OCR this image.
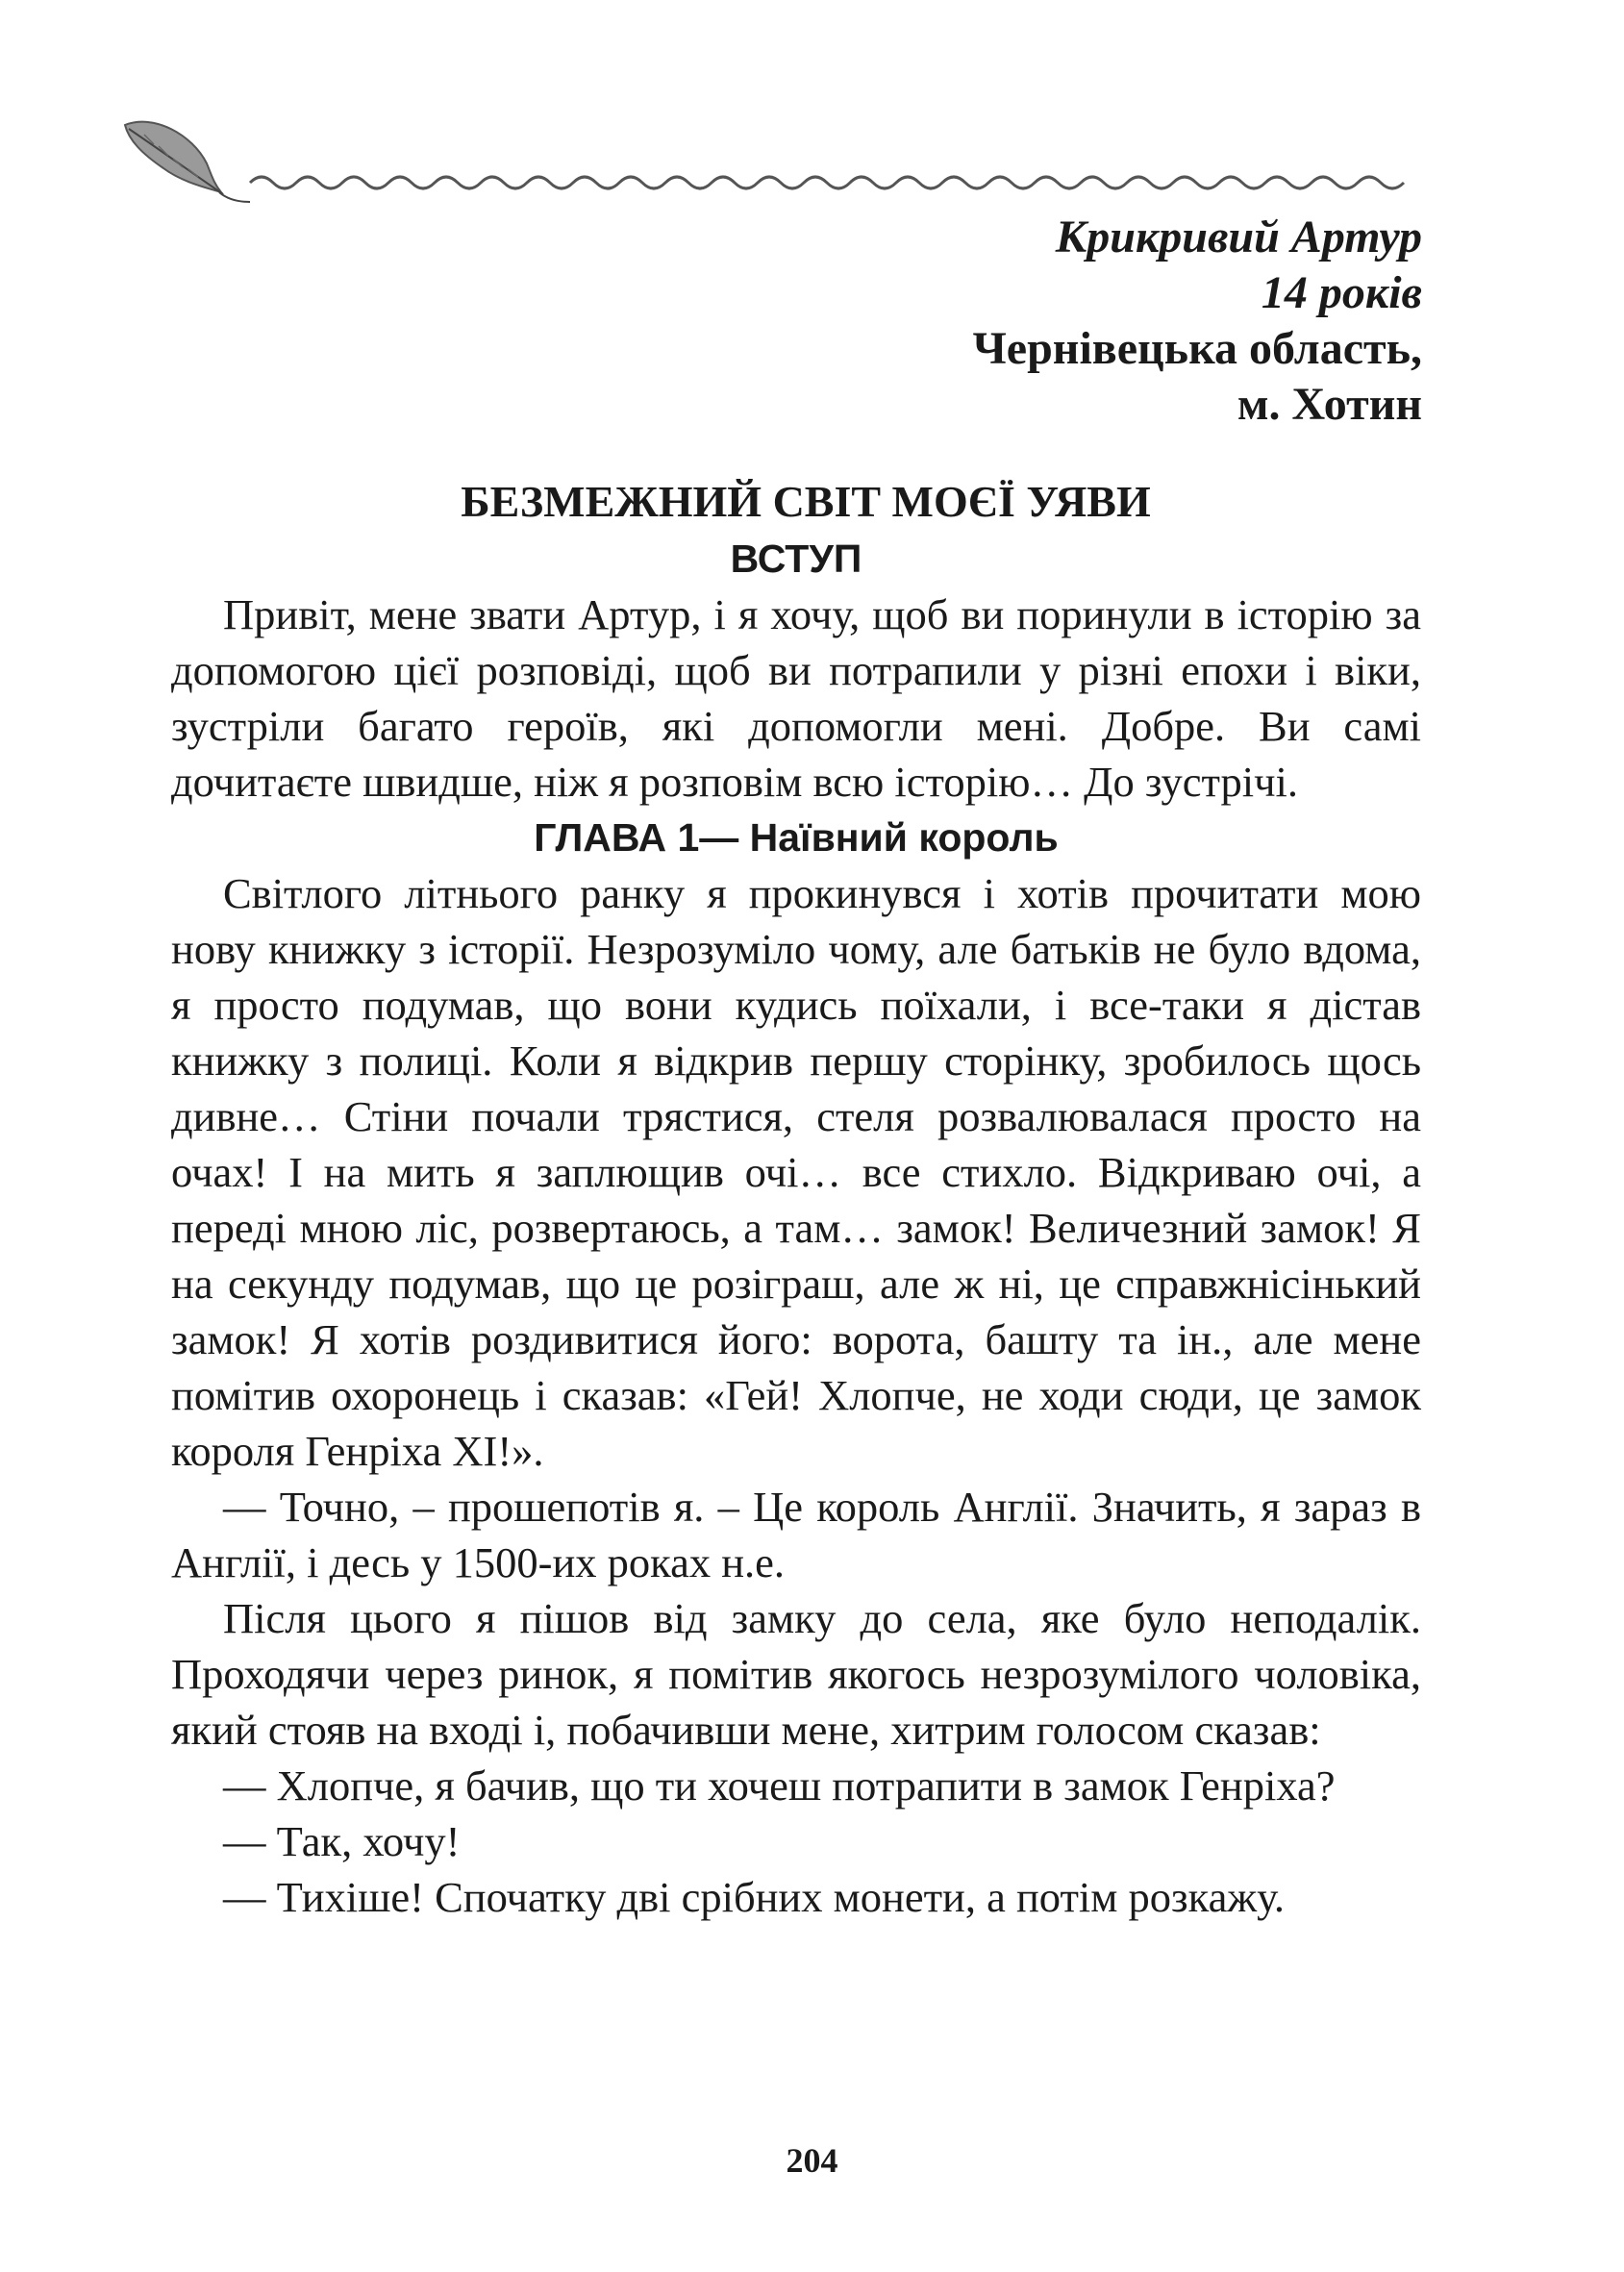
Крикривий Артур
14 років
Чернівецька область,
м. Хотин
БЕЗМЕЖНИЙ СВІТ МОЄЇ УЯВИ
ВСТУП

Привіт, мене звати Артур, і я хочу, щоб ви поринули в історію за допомогою цієї розповіді, щоб ви потрапили у різні епохи і віки, зустріли багато героїв, які допомогли мені. Добре. Ви самі дочитаєте швидше, ніж я розповім всю історію… До зустрічі.

ГЛАВА 1— Наївний король

Світлого літнього ранку я прокинувся і хотів прочитати мою нову книжку з історії. Незрозуміло чому, але батьків не було вдома, я просто подумав, що вони кудись поїхали, і все-таки я дістав книжку з полиці. Коли я відкрив першу сторінку, зробилось щось дивне… Стіни почали трястися, стеля розвалювалася просто на очах! І на мить я заплющив очі… все стихло. Відкриваю очі, а переді мною ліс, розвертаюсь, а там… замок! Величезний замок! Я на секунду подумав, що це розіграш, але ж ні, це справжнісінький замок! Я хотів роздивитися його: ворота, башту та ін., але мене помітив охоронець і сказав: «Гей! Хлопче, не ходи сюди, це замок короля Генріха ХІ!».

— Точно, – прошепотів я. – Це король Англії. Значить, я зараз в Англії, і десь у 1500-их роках н.е.

Після цього я пішов від замку до села, яке було неподалік. Проходячи через ринок, я помітив якогось незрозумілого чоловіка, який стояв на вході і, побачивши мене, хитрим голосом сказав:

— Хлопче, я бачив, що ти хочеш потрапити в замок Генріха?

— Так, хочу!

— Тихіше! Спочатку дві срібних монети, а потім розкажу.

204
